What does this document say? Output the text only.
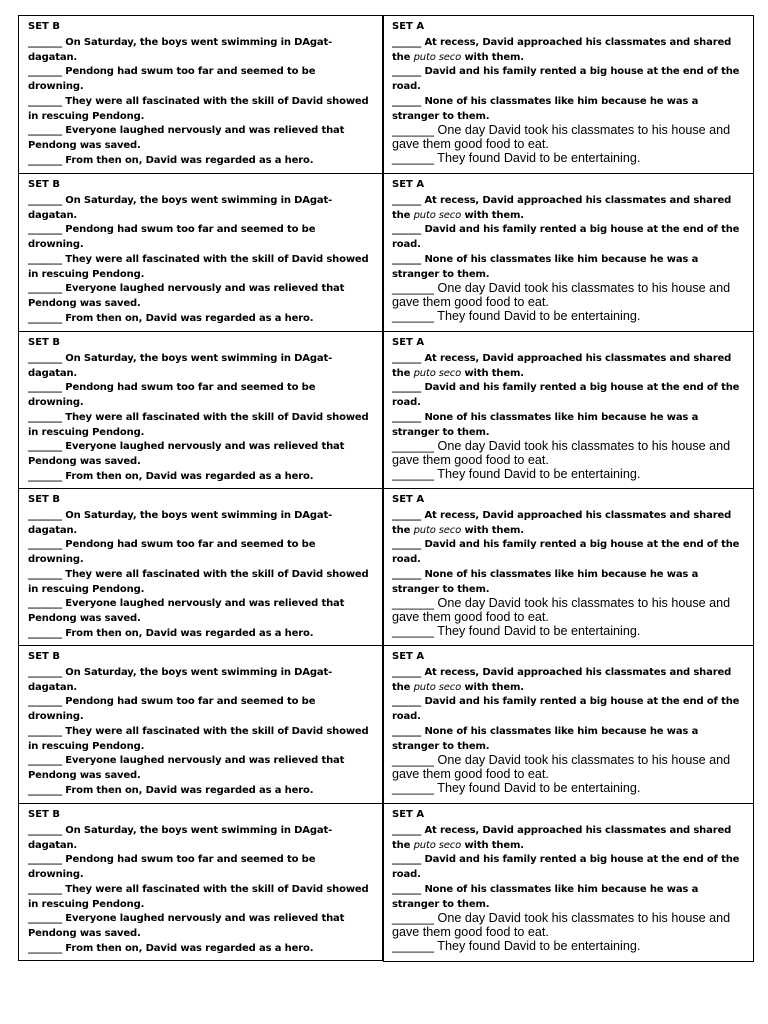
SET B
_______ On Saturday, the boys went swimming in DAgat-dagatan.
_______ Pendong had swum too far and seemed to be drowning.
_______ They were all fascinated with the skill of David showed in rescuing Pendong.
_______ Everyone laughed nervously and was relieved that Pendong was saved.
_______ From then on, David was regarded as a hero.
SET A
______ At recess, David approached his classmates and shared the puto seco with them.
______ David and his family rented a big house at the end of the road.
______ None of his classmates like him because he was a stranger to them.
______ One day David took his classmates to his house and gave them good food to eat.
______ They found David to be entertaining.
SET B
_______ On Saturday, the boys went swimming in DAgat-dagatan.
_______ Pendong had swum too far and seemed to be drowning.
_______ They were all fascinated with the skill of David showed in rescuing Pendong.
_______ Everyone laughed nervously and was relieved that Pendong was saved.
_______ From then on, David was regarded as a hero.
SET A
______ At recess, David approached his classmates and shared the puto seco with them.
______ David and his family rented a big house at the end of the road.
______ None of his classmates like him because he was a stranger to them.
______ One day David took his classmates to his house and gave them good food to eat.
______ They found David to be entertaining.
SET B
_______ On Saturday, the boys went swimming in DAgat-dagatan.
_______ Pendong had swum too far and seemed to be drowning.
_______ They were all fascinated with the skill of David showed in rescuing Pendong.
_______ Everyone laughed nervously and was relieved that Pendong was saved.
_______ From then on, David was regarded as a hero.
SET A
______ At recess, David approached his classmates and shared the puto seco with them.
______ David and his family rented a big house at the end of the road.
______ None of his classmates like him because he was a stranger to them.
______ One day David took his classmates to his house and gave them good food to eat.
______ They found David to be entertaining.
SET B
_______ On Saturday, the boys went swimming in DAgat-dagatan.
_______ Pendong had swum too far and seemed to be drowning.
_______ They were all fascinated with the skill of David showed in rescuing Pendong.
_______ Everyone laughed nervously and was relieved that Pendong was saved.
_______ From then on, David was regarded as a hero.
SET A
______ At recess, David approached his classmates and shared the puto seco with them.
______ David and his family rented a big house at the end of the road.
______ None of his classmates like him because he was a stranger to them.
______ One day David took his classmates to his house and gave them good food to eat.
______ They found David to be entertaining.
SET B
_______ On Saturday, the boys went swimming in DAgat-dagatan.
_______ Pendong had swum too far and seemed to be drowning.
_______ They were all fascinated with the skill of David showed in rescuing Pendong.
_______ Everyone laughed nervously and was relieved that Pendong was saved.
_______ From then on, David was regarded as a hero.
SET A
______ At recess, David approached his classmates and shared the puto seco with them.
______ David and his family rented a big house at the end of the road.
______ None of his classmates like him because he was a stranger to them.
______ One day David took his classmates to his house and gave them good food to eat.
______ They found David to be entertaining.
SET B
_______ On Saturday, the boys went swimming in DAgat-dagatan.
_______ Pendong had swum too far and seemed to be drowning.
_______ They were all fascinated with the skill of David showed in rescuing Pendong.
_______ Everyone laughed nervously and was relieved that Pendong was saved.
_______ From then on, David was regarded as a hero.
SET A
______ At recess, David approached his classmates and shared the puto seco with them.
______ David and his family rented a big house at the end of the road.
______ None of his classmates like him because he was a stranger to them.
______ One day David took his classmates to his house and gave them good food to eat.
______ They found David to be entertaining.
